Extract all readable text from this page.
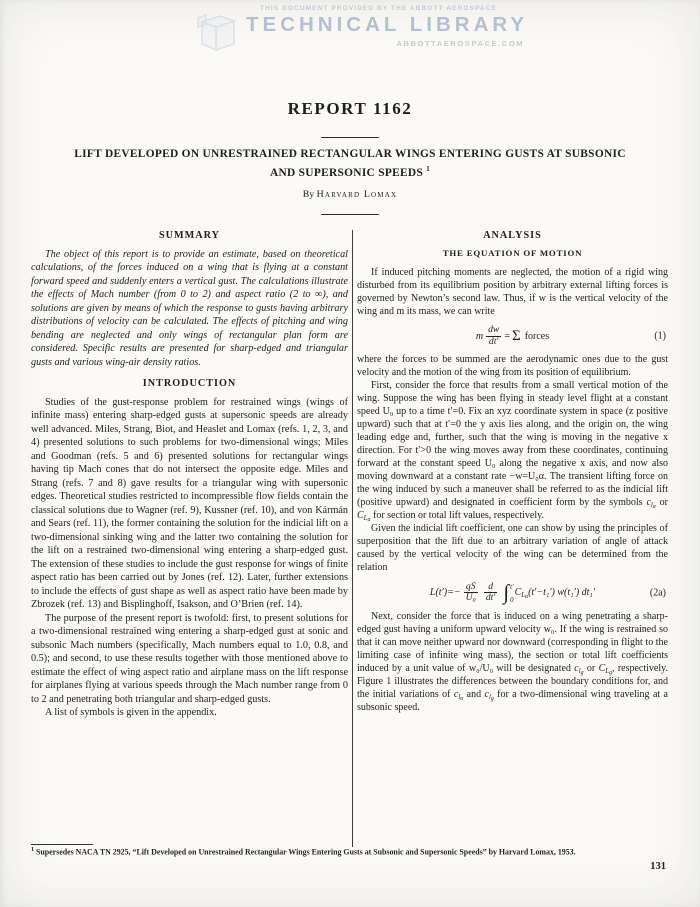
THIS DOCUMENT PROVIDED BY THE ABBOTT AEROSPACE
TECHNICAL LIBRARY
ABBOTTAEROSPACE.COM
REPORT 1162
LIFT DEVELOPED ON UNRESTRAINED RECTANGULAR WINGS ENTERING GUSTS AT SUBSONIC
AND SUPERSONIC SPEEDS $^1$
By Harvard Lomax
SUMMARY

The object of this report is to provide an estimate, based on theoretical calculations, of the forces induced on a wing that is flying at a constant forward speed and suddenly enters a vertical gust. The calculations illustrate the effects of Mach number (from 0 to 2) and aspect ratio (2 to ∞), and solutions are given by means of which the response to gusts having arbitrary distributions of velocity can be calculated. The effects of pitching and wing bending are neglected and only wings of rectangular plan form are considered. Specific results are presented for sharp-edged and triangular gusts and various wing-air density ratios.

INTRODUCTION

Studies of the gust-response problem for restrained wings (wings of infinite mass) entering sharp-edged gusts at supersonic speeds are already well advanced. Miles, Strang, Biot, and Heaslet and Lomax (refs. 1, 2, 3, and 4) presented solutions to such problems for two-dimensional wings; Miles and Goodman (refs. 5 and 6) presented solutions for rectangular wings having tip Mach cones that do not intersect the opposite edge. Miles and Strang (refs. 7 and 8) gave results for a triangular wing with supersonic edges. Theoretical studies restricted to incompressible flow fields contain the classical solutions due to Wagner (ref. 9), Kussner (ref. 10), and von Kármán and Sears (ref. 11), the former containing the solution for the indicial lift on a two-dimensional sinking wing and the latter two containing the solution for the lift on a restrained two-dimensional wing entering a sharp-edged gust. The extension of these studies to include the gust response for wings of finite aspect ratio has been carried out by Jones (ref. 12). Later, further extensions to include the effects of gust shape as well as aspect ratio have been made by Zbrozek (ref. 13) and Bisplinghoff, Isakson, and O’Brien (ref. 14).

The purpose of the present report is twofold: first, to present solutions for a two-dimensional restrained wing entering a sharp-edged gust at sonic and subsonic Mach numbers (specifically, Mach numbers equal to 1.0, 0.8, and 0.5); and second, to use these results together with those mentioned above to estimate the effect of wing aspect ratio and airplane mass on the lift response for airplanes flying at various speeds through the Mach number range from 0 to 2 and penetrating both triangular and sharp-edged gusts.

A list of symbols is given in the appendix.

ANALYSIS
THE EQUATION OF MOTION

If induced pitching moments are neglected, the motion of a rigid wing disturbed from its equilibrium position by arbitrary external lifting forces is governed by Newton’s second law. Thus, if w is the vertical velocity of the wing and m its mass, we can write

m $\frac{dw}{dt'} = \Sigma$ forces	(1)

where the forces to be summed are the aerodynamic ones due to the gust velocity and the motion of the wing from its position of equilibrium.

First, consider the force that results from a small vertical motion of the wing. Suppose the wing has been flying in steady level flight at a constant speed U₀ up to a time t′=0. Fix an xyz coordinate system in space (z positive upward) such that at t′=0 the y axis lies along, and the origin on, the wing leading edge and, further, such that the wing is moving in the negative x direction. For t′>0 the wing moves away from these coordinates, continuing forward at the constant speed U₀ along the negative x axis, and now also moving downward at a constant rate −w=U₀α. The transient lifting force on the wing induced by such a maneuver shall be referred to as the indicial lift (positive upward) and designated in coefficient form by the symbols $c_{l_\alpha}$ or $C_{L_\alpha}$ for section or total lift values, respectively.

Given the indicial lift coefficient, one can show by using the principles of superposition that the lift due to an arbitrary variation of angle of attack caused by the vertical velocity of the wing can be determined from the relation

$L(t')=- \frac{qS}{\text{U₀}} \frac{d}{dt'}$ ∫ t′
0
$C_{L_\alpha}$ (t′−t₁′) w(t₁′) dt₁′	(2a)

Next, consider the force that is induced on a wing penetrating a sharp-edged gust having a uniform upward velocity w₀. If the wing is restrained so that it can move neither upward nor downward (corresponding in flight to the limiting case of infinite wing mass), the section or total lift coefficients induced by a unit value of w₀/U₀ will be designated $c_{l_g}$ or $C_{L_g}$, respectively. Figure 1 illustrates the differences between the boundary conditions for, and the initial variations of $c_{l_\alpha}$ and $c_{l_g}$ for a two-dimensional wing traveling at a subsonic speed.

$^1$ Supersedes NACA TN 2925, “Lift Developed on Unrestrained Rectangular Wings Entering Gusts at Subsonic and Supersonic Speeds” by Harvard Lomax, 1953.
131
